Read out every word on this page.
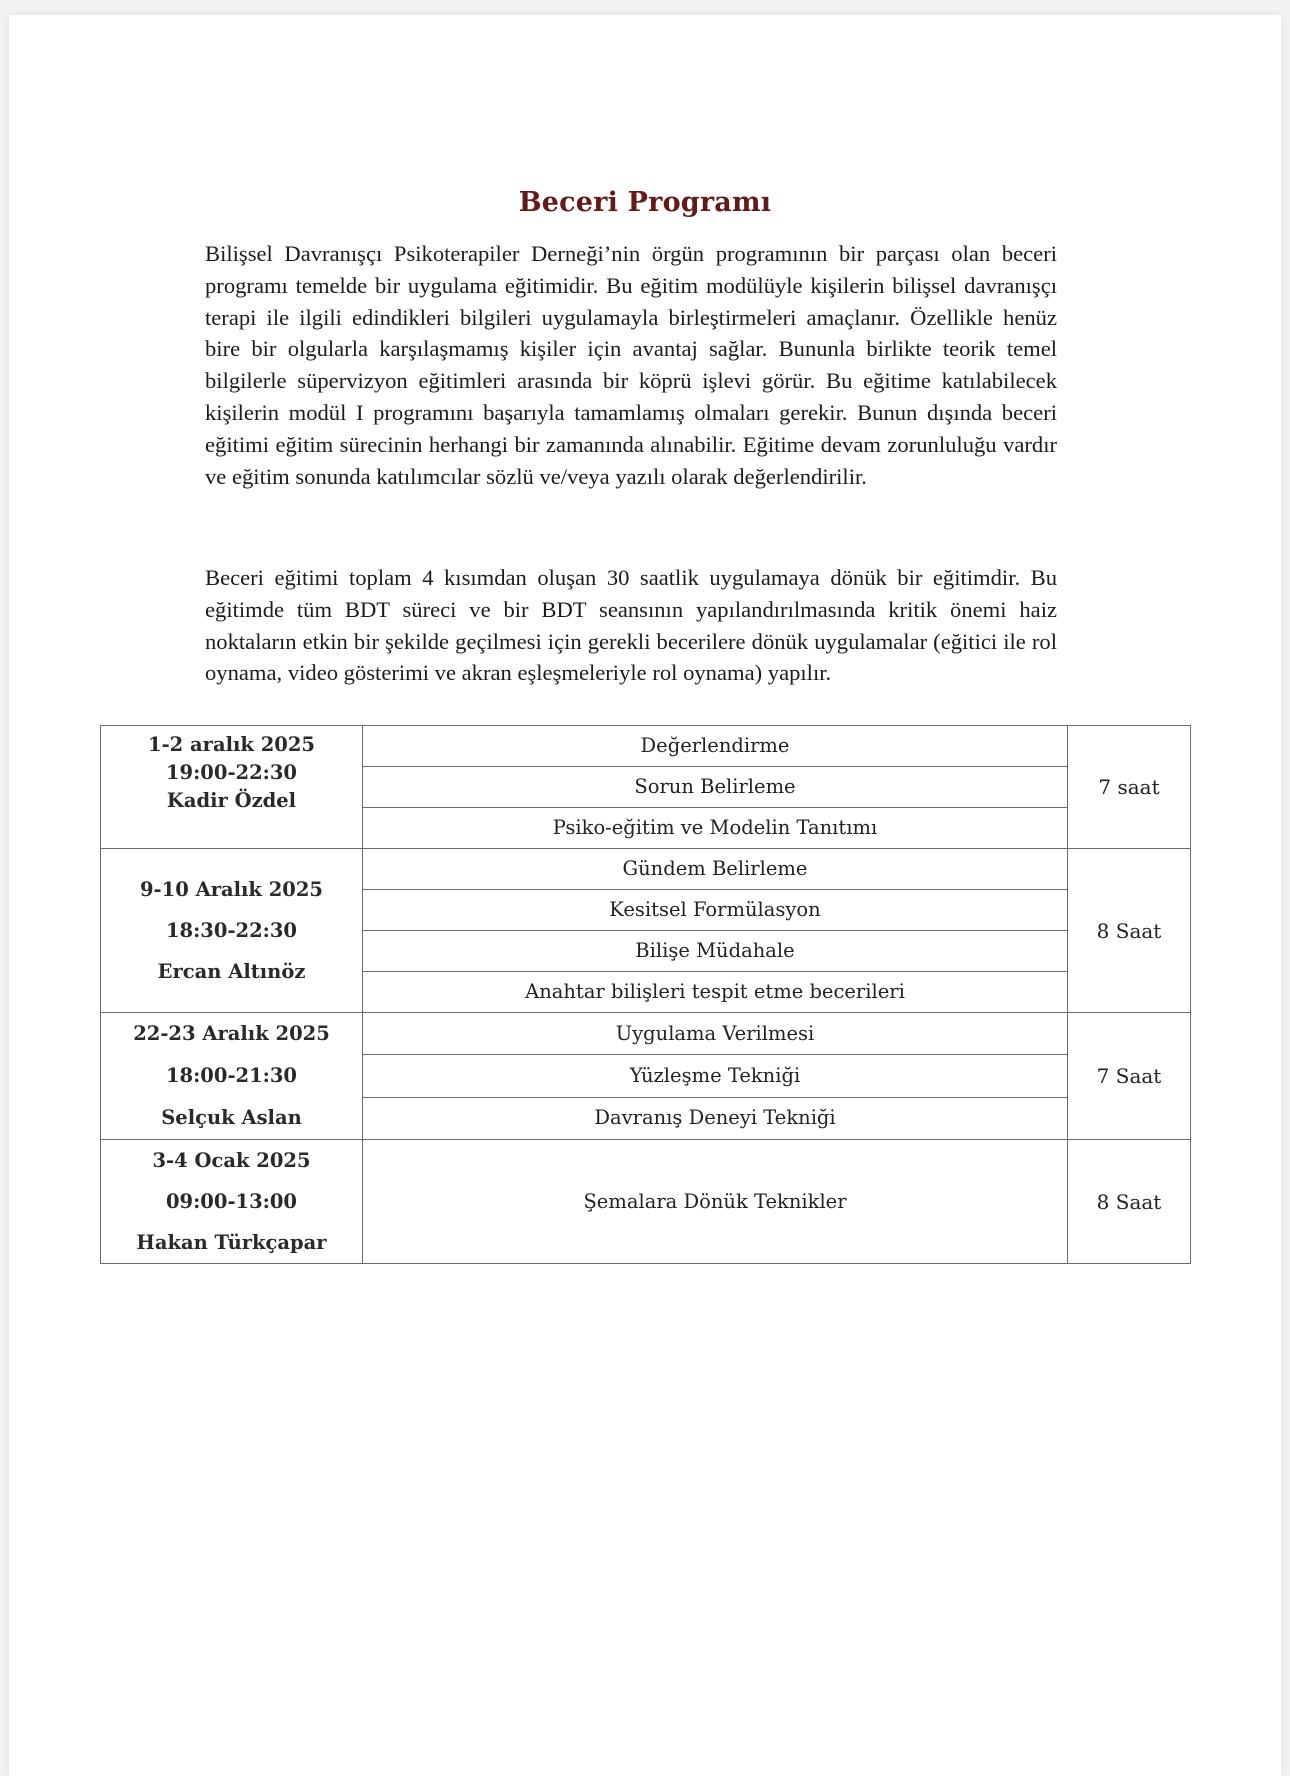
Beceri Programı

Bilişsel Davranışçı Psikoterapiler Derneği’nin örgün programının bir parçası olan beceri programı temelde bir uygulama eğitimidir. Bu eğitim modülüyle kişilerin bilişsel davranışçı terapi ile ilgili edindikleri bilgileri uygulamayla birleştirmeleri amaçlanır. Özellikle henüz bire bir olgularla karşılaşmamış kişiler için avantaj sağlar. Bununla birlikte teorik temel bilgilerle süpervizyon eğitimleri arasında bir köprü işlevi görür. Bu eğitime katılabilecek kişilerin modül I programını başarıyla tamamlamış olmaları gerekir. Bunun dışında beceri eğitimi eğitim sürecinin herhangi bir zamanında alınabilir. Eğitime devam zorunluluğu vardır ve eğitim sonunda katılımcılar sözlü ve/veya yazılı olarak değerlendirilir.

Beceri eğitimi toplam 4 kısımdan oluşan 30 saatlik uygulamaya dönük bir eğitimdir. Bu eğitimde tüm BDT süreci ve bir BDT seansının yapılandırılmasında kritik önemi haiz noktaların etkin bir şekilde geçilmesi için gerekli becerilere dönük uygulamalar (eğitici ile rol oynama, video gösterimi ve akran eşleşmeleriyle rol oynama) yapılır.

1-2 aralık 2025
19:00-22:30
Kadir Özdel	Değerlendirme	7 saat
	Sorun Belirleme	
	Psiko-eğitim ve Modelin Tanıtımı	

9-10 Aralık 2025
18:30-22:30
Ercan Altınöz	Gündem Belirleme	8 Saat
	Kesitsel Formülasyon	
	Bilişe Müdahale	
	Anahtar bilişleri tespit etme becerileri	

22-23 Aralık 2025
18:00-21:30
Selçuk Aslan	Uygulama Verilmesi	7 Saat
	Yüzleşme Tekniği	
	Davranış Deneyi Tekniği	

3-4 Ocak 2025
09:00-13:00
Hakan Türkçapar	Şemalara Dönük Teknikler	8 Saat
